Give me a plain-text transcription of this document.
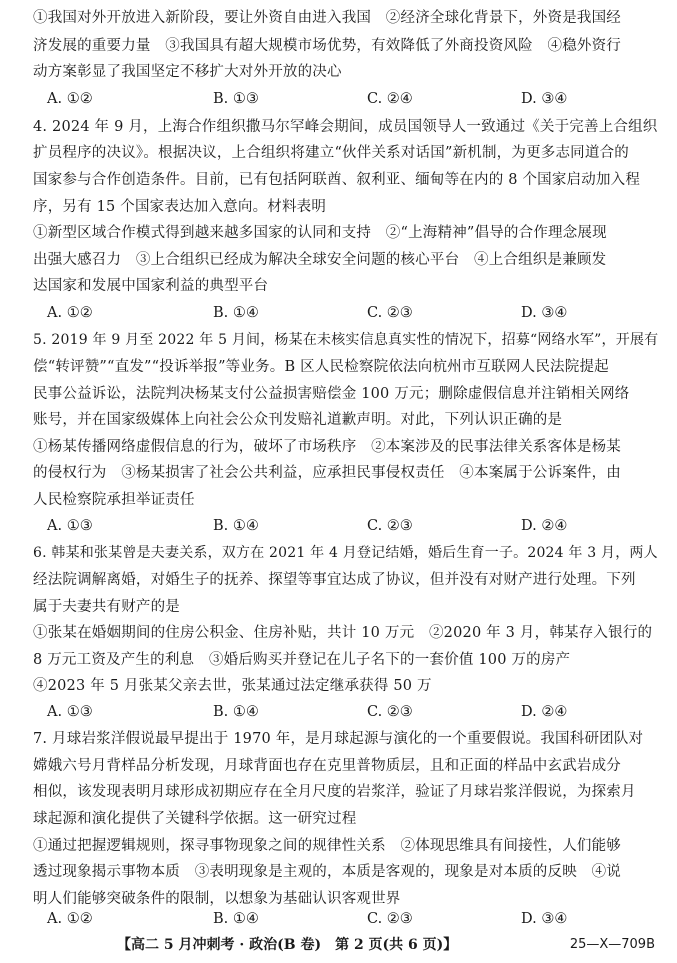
①我国对外开放进入新阶段，要让外资自由进入我国　②经济全球化背景下，外资是我国经
济发展的重要力量　③我国具有超大规模市场优势，有效降低了外商投资风险　④稳外资行
动方案彰显了我国坚定不移扩大对外开放的决心
A. ①②	B. ①③	C. ②④	D. ③④
4. 2024 年 9 月，上海合作组织撒马尔罕峰会期间，成员国领导人一致通过《关于完善上合组织
扩员程序的决议》。根据决议，上合组织将建立“伙伴关系对话国”新机制，为更多志同道合的
国家参与合作创造条件。目前，已有包括阿联酋、叙利亚、缅甸等在内的 8 个国家启动加入程
序，另有 15 个国家表达加入意向。材料表明
①新型区域合作模式得到越来越多国家的认同和支持　②“上海精神”倡导的合作理念展现
出强大感召力　③上合组织已经成为解决全球安全问题的核心平台　④上合组织是兼顾发
达国家和发展中国家利益的典型平台
A. ①②	B. ①④	C. ②③	D. ③④
5. 2019 年 9 月至 2022 年 5 月间，杨某在未核实信息真实性的情况下，招募“网络水军”，开展有
偿“转评赞”“直发”“投诉举报”等业务。B 区人民检察院依法向杭州市互联网人民法院提起
民事公益诉讼，法院判决杨某支付公益损害赔偿金 100 万元；删除虚假信息并注销相关网络
账号，并在国家级媒体上向社会公众刊发赔礼道歉声明。对此，下列认识正确的是
①杨某传播网络虚假信息的行为，破坏了市场秩序　②本案涉及的民事法律关系客体是杨某
的侵权行为　③杨某损害了社会公共利益，应承担民事侵权责任　④本案属于公诉案件，由
人民检察院承担举证责任
A. ①③	B. ①④	C. ②③	D. ②④
6. 韩某和张某曾是夫妻关系，双方在 2021 年 4 月登记结婚，婚后生育一子。2024 年 3 月，两人
经法院调解离婚，对婚生子的抚养、探望等事宜达成了协议，但并没有对财产进行处理。下列
属于夫妻共有财产的是
①张某在婚姻期间的住房公积金、住房补贴，共计 10 万元　②2020 年 3 月，韩某存入银行的
8 万元工资及产生的利息　③婚后购买并登记在儿子名下的一套价值 100 万的房产
④2023 年 5 月张某父亲去世，张某通过法定继承获得 50 万
A. ①③	B. ①④	C. ②③	D. ②④
7. 月球岩浆洋假说最早提出于 1970 年，是月球起源与演化的一个重要假说。我国科研团队对
嫦娥六号月背样品分析发现，月球背面也存在克里普物质层，且和正面的样品中玄武岩成分
相似，该发现表明月球形成初期应存在全月尺度的岩浆洋，验证了月球岩浆洋假说，为探索月
球起源和演化提供了关键科学依据。这一研究过程
①通过把握逻辑规则，探寻事物现象之间的规律性关系　②体现思维具有间接性，人们能够
透过现象揭示事物本质　③表明现象是主观的，本质是客观的，现象是对本质的反映　④说
明人们能够突破条件的限制，以想象为基础认识客观世界
A. ①②	B. ①④	C. ②③	D. ③④
【高二 5 月冲刺考 · 政治(B 卷)　第 2 页(共 6 页)】	25—X—709B
